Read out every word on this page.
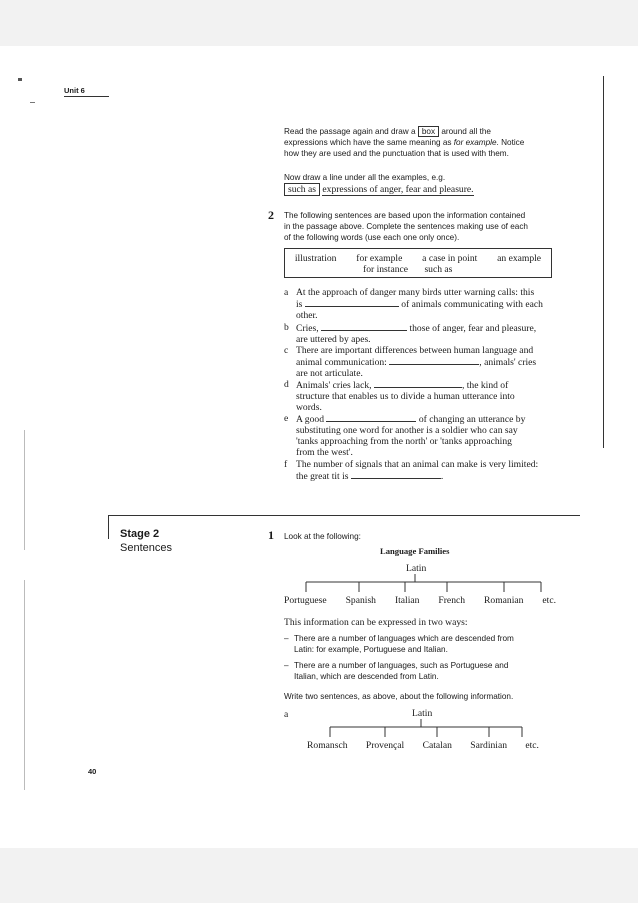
Unit 6
Read the passage again and draw a box around all the
expressions which have the same meaning as for example. Notice
how they are used and the punctuation that is used with them.
Now draw a line under all the examples, e.g.
such as expressions of anger, fear and pleasure.
2 The following sentences are based upon the information contained
in the passage above. Complete the sentences making use of each
of the following words (use each one only once).
illustration for example a case in point an example
for instance such as
a At the approach of danger many birds utter warning calls: this
is	of animals communicating with each
other.
b Cries,	those of anger, fear and pleasure,
are uttered by apes.
c There are important differences between human language and
animal communication:	, animals' cries
are not articulate.
d Animals' cries lack,	, the kind of
structure that enables us to divide a human utterance into
words.
e A good	of changing an utterance by
substituting one word for another is a soldier who can say
'tanks approaching from the north' or 'tanks approaching
from the west'.
f The number of signals that an animal can make is very limited:
the great tit is	.
Stage 2
Sentences
1 Look at the following:
Language Families
Latin
Portuguese Spanish Italian French Romanian etc.
This information can be expressed in two ways:
– There are a number of languages which are descended from
Latin: for example, Portuguese and Italian.
– There are a number of languages, such as Portuguese and
Italian, which are descended from Latin.
Write two sentences, as above, about the following information.
a	Latin
Romansch Provençal Catalan Sardinian etc.
40
